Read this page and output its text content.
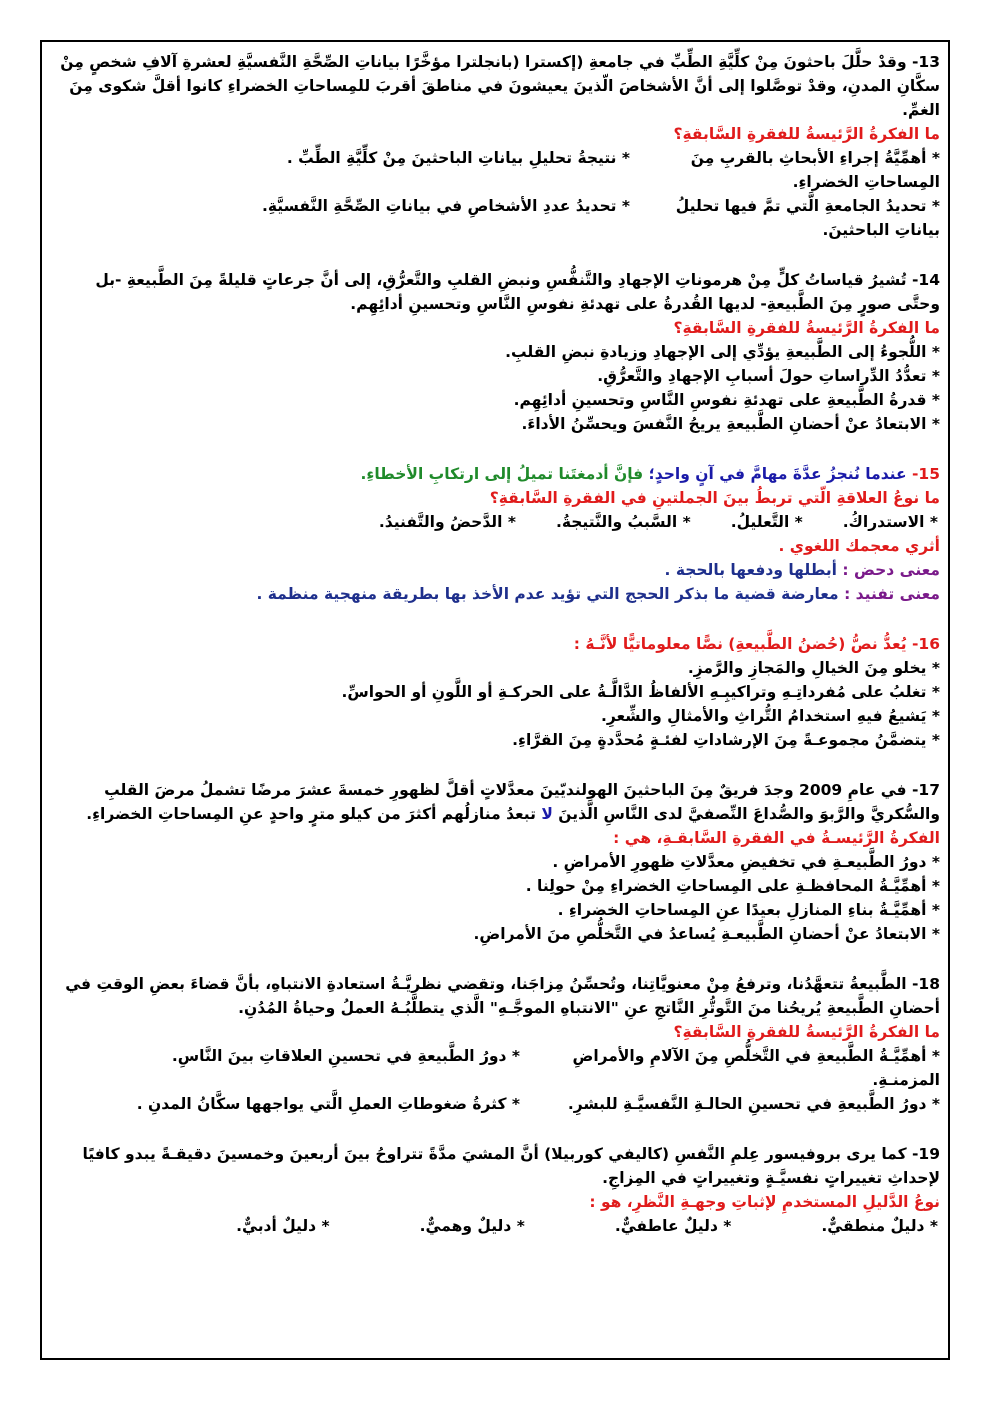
13- وقدْ حلَّلَ باحثونَ مِنْ كلِّيَّةِ الطِّبِّ في جامعةِ (إكسترا (بانجلترا مؤخَّرًا بياناتِ الصِّحَّةِ النَّفسيَّةِ لعشرةِ آلافِ شخصٍ مِنْ سكَّانِ المدنِ، وقدْ توصَّلوا إلى أنَّ الأشخاصَ الّذينَ يعيشونَ في مناطقَ أقربَ للمِساحاتِ الخضراءِ كانوا أقلَّ شكوى مِنَ الغمِّ.

ما الفكرةُ الرَّئيسةُ للفقرةِ السَّابقةِ؟

* أهمِّيَّةُ إجراءِ الأبحاثِ بالقربِ مِنَ المِساحاتِ الخضراءِ.
* نتيجةُ تحليلِ بياناتِ الباحثينَ مِنْ كلِّيَّةِ الطِّبِّ .
* تحديدُ الجامعةِ الَّتي تمَّ فيها تحليلُ بياناتِ الباحثينَ.
* تحديدُ عددِ الأشخاصِ في بياناتِ الصِّحَّةِ النَّفسيَّةِ.

14- تُشيرُ قياساتُ كلٍّ مِنْ هرموناتِ الإجهادِ والتَّنفُّسِ ونبضِ القلبِ والتَّعرُّقِ، إلى أنَّ جرعاتٍ قليلةً مِنَ الطَّبيعةِ -بل وحتَّى صورٍ مِنَ الطَّبيعةِ- لديها القُدرةُ على تهدئةِ نفوسِ النَّاسِ وتحسينِ أدائِهِم.

ما الفكرةُ الرَّئيسةُ للفقرةِ السَّابقةِ؟

* اللُّجوءُ إلى الطَّبيعةِ يؤدِّي إلى الإجهادِ وزيادةِ نبضِ القلبِ.

* تعدُّدُ الدِّراساتِ حولَ أسبابِ الإجهادِ والتَّعرُّقِ.

* قدرةُ الطَّبيعةِ على تهدئةِ نفوسِ النَّاسِ وتحسينِ أدائِهِم.

* الابتعادُ عنْ أحضانِ الطَّبيعةِ يريحُ النَّفسَ ويحسِّنُ الأداءَ.

15- عندما نُنجزُ عدَّةَ مهامَّ في آنٍ واحدٍ؛ فإنَّ أدمغتَنا تميلُ إلى ارتكابِ الأخطاءِ.

ما نوعُ العلاقةِ الّتي تربطُ بينَ الجملتينِ في الفقرةِ السَّابقةِ؟

* الاستدراكُ.
* التَّعليلُ.
* السَّببُ والنَّتيجةُ.
* الدَّحضُ والتَّفنيدُ.

أثري معجمك اللغوي .

معنى دحض : أبطلها ودفعها بالحجة .

معنى تفنيد : معارضة قضية ما بذكر الحجج التي تؤيد عدم الأخذ بها بطريقة منهجية منظمة .

16- يُعدُّ نصُّ (حُضنُ الطَّبيعةِ) نصًّا معلوماتيًّا لأنَّـهُ :

* يخلو مِنَ الخيالِ والمَجازِ والرَّمزِ.

* تغلبُ على مُفرداتِـهِ وتراكيبِـهِ الألفاظُ الدَّالَّـةُ على الحركـةِ أو اللَّونِ أو الحواسِّ.

* يَشيعُ فيهِ استخدامُ التُّراثِ والأمثالِ والشِّعرِ.

* يتضمَّنُ مجموعـةً مِنَ الإرشاداتِ لفئـةٍ مُحدَّدةٍ مِنَ القرَّاءِ.

17- في عامِ 2009 وجدَ فريقٌ مِنَ الباحثينَ الهولنديّينَ معدَّلاتٍ أقلَّ لظهورِ خمسةَ عشرَ مرضًا تشملُ مرضَ القلبِ والسُّكريَّ والرَّبوَ والصُّداعَ النِّصفيَّ لدى النَّاسِ الَّذينَ لا تبعدُ منازلُهم أكثرَ من كيلو مترٍ واحدٍ عنِ المِساحاتِ الخضراءِ.

الفكرةُ الرَّئيسـةُ في الفقرةِ السَّابقـةِ، هي :

* دورُ الطَّبيعـةِ في تخفيضِ معدَّلاتِ ظهورِ الأمراضِ .

* أهمِّيَّـةُ المحافظـةِ على المِساحاتِ الخضراءِ مِنْ حولِنا .

* أهمِّيَّـةُ بناءِ المنازلِ بعيدًا عنِ المِساحاتِ الخضراءِ .

* الابتعادُ عنْ أحضانِ الطَّبيعـةِ يُساعدُ في التَّخلُّصِ منَ الأمراضِ.

18- الطَّبيعةُ تتعهَّدُنا، وترفعُ مِنْ معنويَّاتِنا، وتُحسِّنُ مِزاجَنا، وتقضي نظريَّـةُ استعادةِ الانتباهِ، بأنَّ قضاءَ بعضِ الوقتِ في أحضانِ الطَّبيعةِ يُريحُنا منَ التَّوتُّرِ النَّاتجِ عنِ "الانتباهِ الموجَّـهِ" الَّذي يتطلَّبُـهُ العملُ وحياةُ المُدُنِ.

ما الفكرةُ الرَّئيسةُ للفقرةِ السَّابقةِ؟

* أهمِّيَّـةُ الطَّبيعةِ في التَّخلُّصِ مِنَ الآلامِ والأمراضِ المزمنـةِ.
* دورُ الطَّبيعةِ في تحسينِ العلاقاتِ بينَ النَّاسِ.
* دورُ الطَّبيعةِ في تحسينِ الحالـةِ النَّفسيَّـةِ للبشرِ.
* كثرةُ ضغوطاتِ العملِ الَّتي يواجهها سكَّانُ المدنِ .

19- كما يرى بروفيسور عِلمِ النَّفسِ (كاليفي كوربيلا) أنَّ المشيَ مدَّةً تتراوحُ بينَ أربعينَ وخمسينَ دقيقـةً يبدو كافيًا لإحداثِ تغييراتٍ نفسيَّـةٍ وتغييراتٍ في المِزاجِ.

نوعُ الدَّليلِ المستخدمِ لإثباتِ وجهـةِ النَّظرِ، هو :

* دليلٌ منطقيٌّ.
* دليلٌ عاطفيٌّ.
* دليلٌ وهميٌّ.
* دليلٌ أدبيٌّ.
